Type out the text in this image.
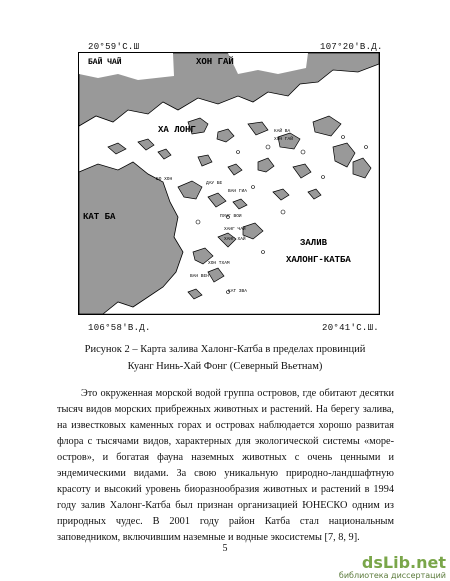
20°59'С.Ш	107°20'В.Д.
БАЙ ЧАЙ	ХОН ГАЙ
ХА ЛОНГ
КАТ БА
ЗАЛИВ
ХАЛОНГ-КАТБА
КАЙ ВА
ХОН ГАЙ
БО ХОН
ДАУ БЕ
ВАН ГИА
ХАНГ ЧАЙ
ХАНГ ХАЙ
ПУНГ ВОИ
КАТ ЗВА
ХОН ТХАМ
ВАН ВЕН
106°58'В.Д.	20°41'С.Ш.
Рисунок 2 – Карта залива Халонг-Катба в пределах провинций
Куанг Нинь-Хай Фонг (Северный Вьетнам)

Это окруженная морской водой группа островов, где обитают десятки тысяч видов морских прибрежных животных и растений. На берегу залива, на известковых каменных горах и островах наблюдается хорошо развитая флора с тысячами видов, характерных для экологической системы «море-остров», и богатая фауна наземных животных с очень ценными и эндемическими видами. За свою уникальную природно-ландшафтную красоту и высокий уровень биоразнообразия животных и растений в 1994 году залив Халонг-Катба был признан организацией ЮНЕСКО одним из природных чудес. В 2001 году район Катба стал национальным заповедником, включившим наземные и водные экосистемы [7, 8, 9].

5
dsLib.net
библиотека диссертаций
